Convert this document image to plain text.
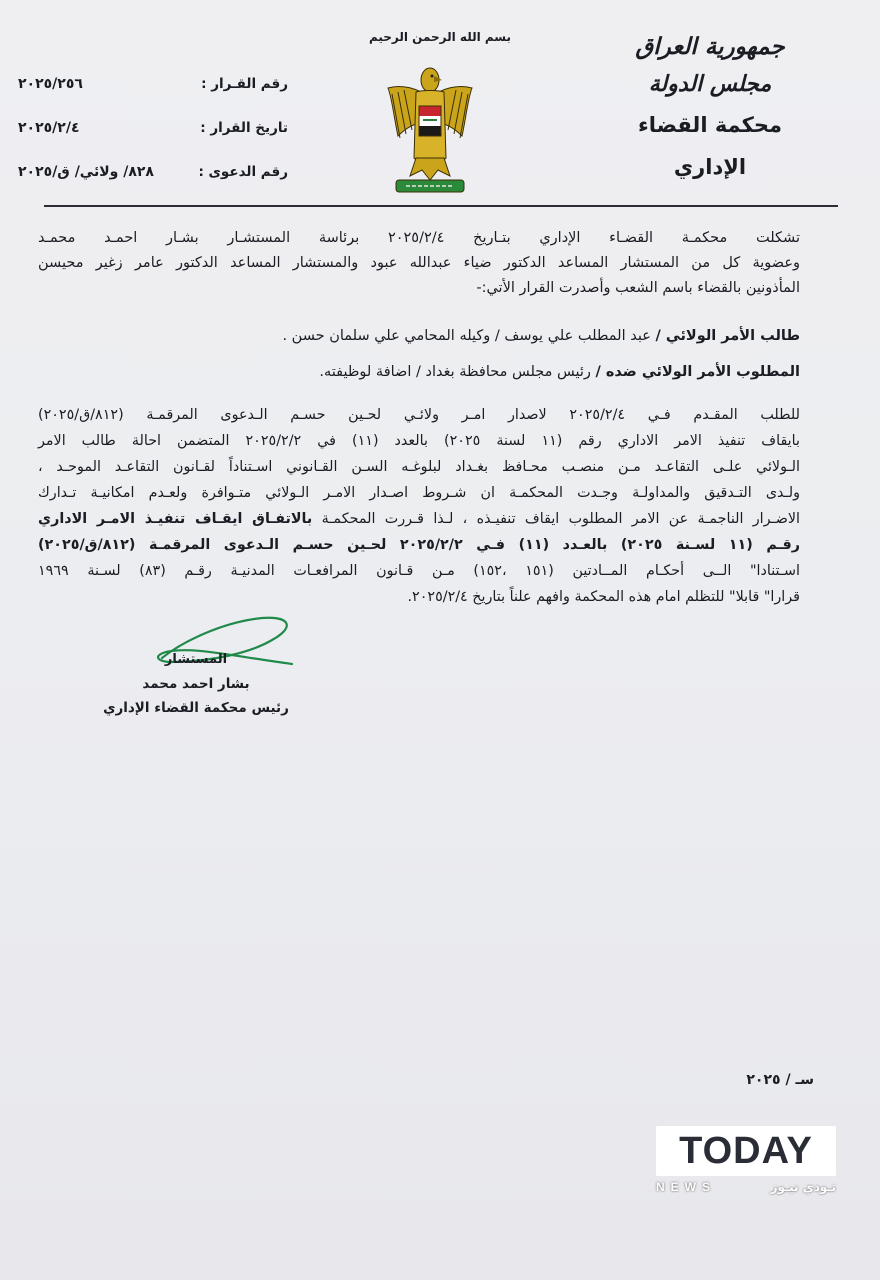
بسم الله الرحمن الرحيم	جمهورية العراق
مجلس الدولة
محكمة القضاء الإداري
رقم القـرار :
٢٠٢٥/٢٥٦
تاريخ القرار :
٢٠٢٥/٢/٤
رقم الدعوى :
٨٢٨/ ولائي/ ق/٢٠٢٥
تشكلت محكمـة القضـاء الإداري بتـاريخ ٢٠٢٥/٢/٤ برئاسة المستشـار بشـار احمـد محمـد
وعضوية كل من المستشار المساعد الدكتور ضياء عبدالله عبود والمستشار المساعد الدكتور عامر زغير محيسن
المأذونين بالقضاء باسم الشعب وأصدرت القرار الأتي:-
طالب الأمر الولائي / عبد المطلب علي يوسف / وكيله المحامي علي سلمان حسن .
المطلوب الأمر الولائي ضده / رئيس مجلس محافظة بغداد / اضافة لوظيفته.
للطلب المقـدم فـي ٢٠٢٥/٢/٤ لاصدار امـر ولائـي لحـين حسـم الـدعوى المرقمـة (٨١٢/ق/٢٠٢٥)
بايقاف تنفيذ الامر الاداري رقم (١١ لسنة ٢٠٢٥) بالعدد (١١) في ٢٠٢٥/٢/٢ المتضمن احالة طالب الامر
الـولائي علـى التقاعـد مـن منصـب محـافظ بغـداد لبلوغـه السـن القـانوني اسـتناداً لقـانون التقاعـد الموحـد ،
ولـدى التـدقيق والمداولـة وجـدت المحكمـة ان شـروط اصـدار الامـر الـولائي متـوافرة ولعـدم امكانيـة تـدارك
الاضـرار الناجمـة عن الامر المطلوب ايقاف تنفيـذه ، لـذا قـررت المحكمـة بالاتفـاق ايقـاف تنفيـذ الامـر الاداري
رقـم (١١ لسـنة ٢٠٢٥) بالعـدد (١١) فـي ٢٠٢٥/٢/٢ لحـين حسـم الـدعوى المرقمـة (٨١٢/ق/٢٠٢٥)
اسـتنادا" الــى أحكـام المــادتين (١٥١ ،١٥٢) مـن قـانون المرافعـات المدنيـة رقـم (٨٣) لسـنة ١٩٦٩
قرارا" قابلا" للتظلم امام هذه المحكمة وافهم علناً بتاريخ ٢٠٢٥/٢/٤.
المستشار
بشار احمد محمد
رئيس محكمة القضاء الإداري
سـ / ٢٠٢٥
TODAY
NEWS	تـودي نيـوز
